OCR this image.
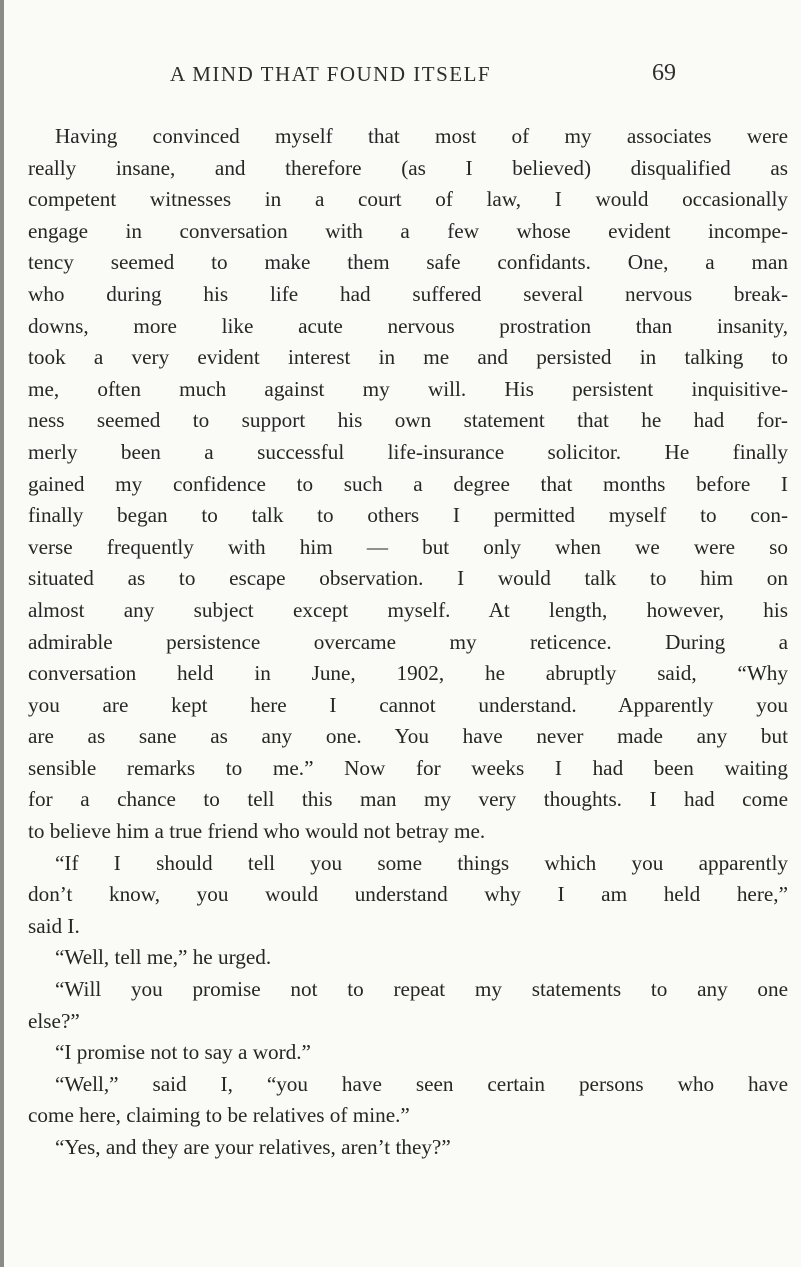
A MIND THAT FOUND ITSELF	69
Having convinced myself that most of my associates were
really insane, and therefore (as I believed) disqualified as
competent witnesses in a court of law, I would occasionally
engage in conversation with a few whose evident incompe-
tency seemed to make them safe confidants. One, a man
who during his life had suffered several nervous break-
downs, more like acute nervous prostration than insanity,
took a very evident interest in me and persisted in talking to
me, often much against my will. His persistent inquisitive-
ness seemed to support his own statement that he had for-
merly been a successful life-insurance solicitor. He finally
gained my confidence to such a degree that months before I
finally began to talk to others I permitted myself to con-
verse frequently with him — but only when we were so
situated as to escape observation. I would talk to him on
almost any subject except myself. At length, however, his
admirable persistence overcame my reticence. During a
conversation held in June, 1902, he abruptly said, “Why
you are kept here I cannot understand. Apparently you
are as sane as any one. You have never made any but
sensible remarks to me.” Now for weeks I had been waiting
for a chance to tell this man my very thoughts. I had come
to believe him a true friend who would not betray me.
“If I should tell you some things which you apparently
don’t know, you would understand why I am held here,”
said I.
“Well, tell me,” he urged.
“Will you promise not to repeat my statements to any one
else?”
“I promise not to say a word.”
“Well,” said I, “you have seen certain persons who have
come here, claiming to be relatives of mine.”
“Yes, and they are your relatives, aren’t they?”
